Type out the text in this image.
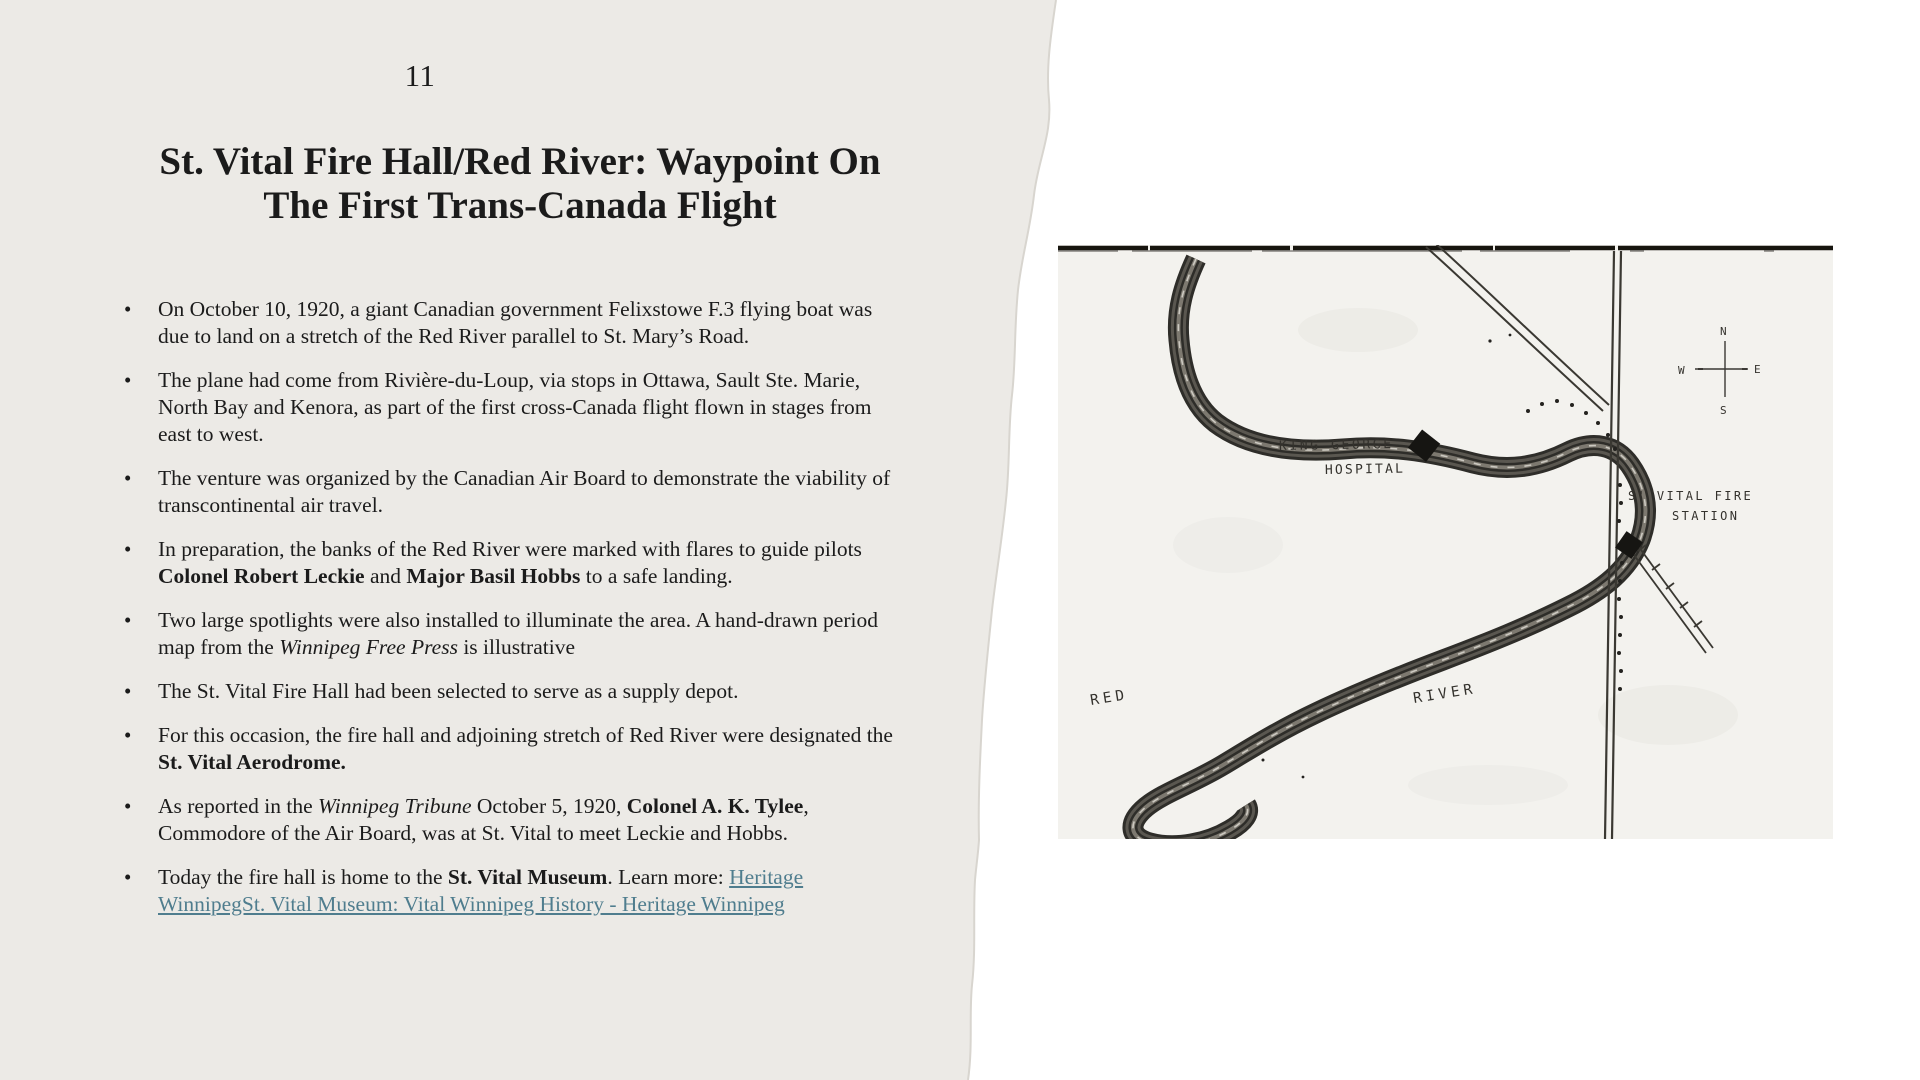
11
St. Vital Fire Hall/Red River: Waypoint On
The First Trans-Canada Flight
• On October 10, 1920, a giant Canadian government Felixstowe F.3 flying boat was due to land on a stretch of the Red River parallel to St. Mary’s Road.
• The plane had come from Rivière-du-Loup, via stops in Ottawa, Sault Ste. Marie, North Bay and Kenora, as part of the first cross-Canada flight flown in stages from east to west.
• The venture was organized by the Canadian Air Board to demonstrate the viability of transcontinental air travel.
• In preparation, the banks of the Red River were marked with flares to guide pilots Colonel Robert Leckie and Major Basil Hobbs to a safe landing.
• Two large spotlights were also installed to illuminate the area. A hand-drawn period map from the Winnipeg Free Press is illustrative
• The St. Vital Fire Hall had been selected to serve as a supply depot.
• For this occasion, the fire hall and adjoining stretch of Red River were designated the St. Vital Aerodrome.
• As reported in the Winnipeg Tribune October 5, 1920, Colonel A. K. Tylee, Commodore of the Air Board, was at St. Vital to meet Leckie and Hobbs.
• Today the fire hall is home to the St. Vital Museum. Learn more: Heritage WinnipegSt. Vital Museum: Vital Winnipeg History - Heritage Winnipeg
KING GEORGE
HOSPITAL
S' VITAL FIRE
STATION
RED	RIVER
N
W	E
S
